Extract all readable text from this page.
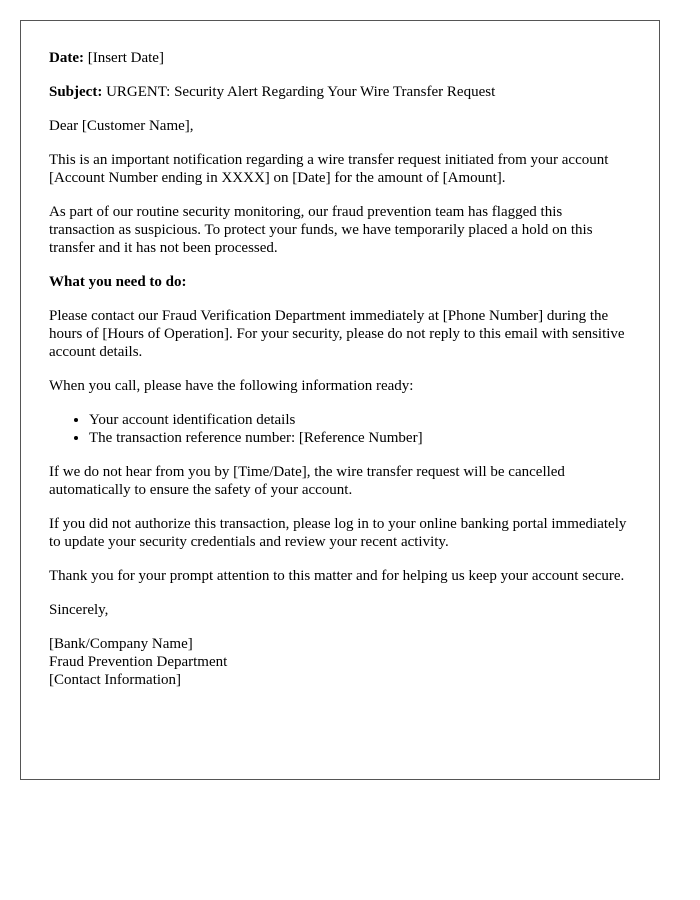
Date: [Insert Date]

Subject: URGENT: Security Alert Regarding Your Wire Transfer Request

Dear [Customer Name],

This is an important notification regarding a wire transfer request initiated from your account [Account Number ending in XXXX] on [Date] for the amount of [Amount].

As part of our routine security monitoring, our fraud prevention team has flagged this transaction as suspicious. To protect your funds, we have temporarily placed a hold on this transfer and it has not been processed.

What you need to do:

Please contact our Fraud Verification Department immediately at [Phone Number] during the hours of [Hours of Operation]. For your security, please do not reply to this email with sensitive account details.

When you call, please have the following information ready:

• Your account identification details
• The transaction reference number: [Reference Number]

If we do not hear from you by [Time/Date], the wire transfer request will be cancelled automatically to ensure the safety of your account.

If you did not authorize this transaction, please log in to your online banking portal immediately to update your security credentials and review your recent activity.

Thank you for your prompt attention to this matter and for helping us keep your account secure.

Sincerely,

[Bank/Company Name]
Fraud Prevention Department
[Contact Information]
